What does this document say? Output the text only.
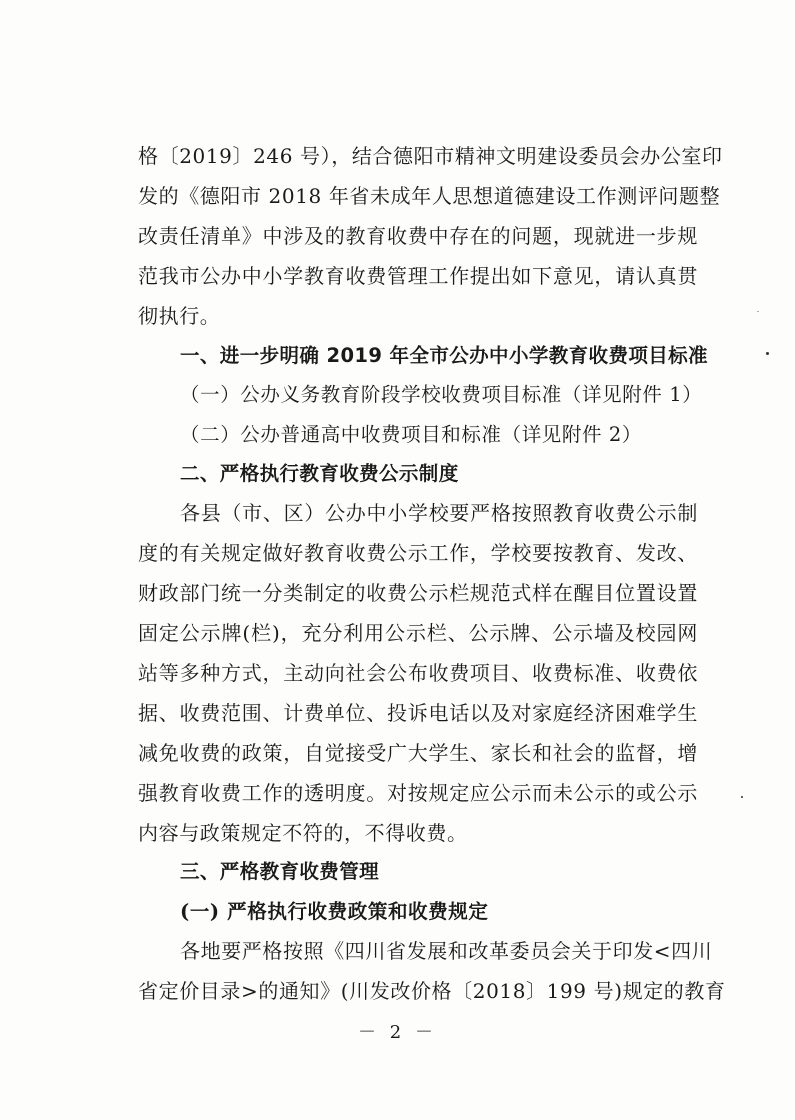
格〔2019〕246 号），结合德阳市精神文明建设委员会办公室印
发的《德阳市 2018 年省未成年人思想道德建设工作测评问题整
改责任清单》中涉及的教育收费中存在的问题，现就进一步规
范我市公办中小学教育收费管理工作提出如下意见，请认真贯
彻执行。
一、进一步明确 2019 年全市公办中小学教育收费项目标准
（一）公办义务教育阶段学校收费项目标准（详见附件 1）
（二）公办普通高中收费项目和标准（详见附件 2）
二、严格执行教育收费公示制度
各县（市、区）公办中小学校要严格按照教育收费公示制
度的有关规定做好教育收费公示工作，学校要按教育、发改、
财政部门统一分类制定的收费公示栏规范式样在醒目位置设置
固定公示牌(栏)，充分利用公示栏、公示牌、公示墙及校园网
站等多种方式，主动向社会公布收费项目、收费标准、收费依
据、收费范围、计费单位、投诉电话以及对家庭经济困难学生
减免收费的政策，自觉接受广大学生、家长和社会的监督，增
强教育收费工作的透明度。对按规定应公示而未公示的或公示
内容与政策规定不符的，不得收费。
三、严格教育收费管理
(一) 严格执行收费政策和收费规定
各地要严格按照《四川省发展和改革委员会关于印发<四川
省定价目录>的通知》(川发改价格〔2018〕199 号)规定的教育
－ 2 －
